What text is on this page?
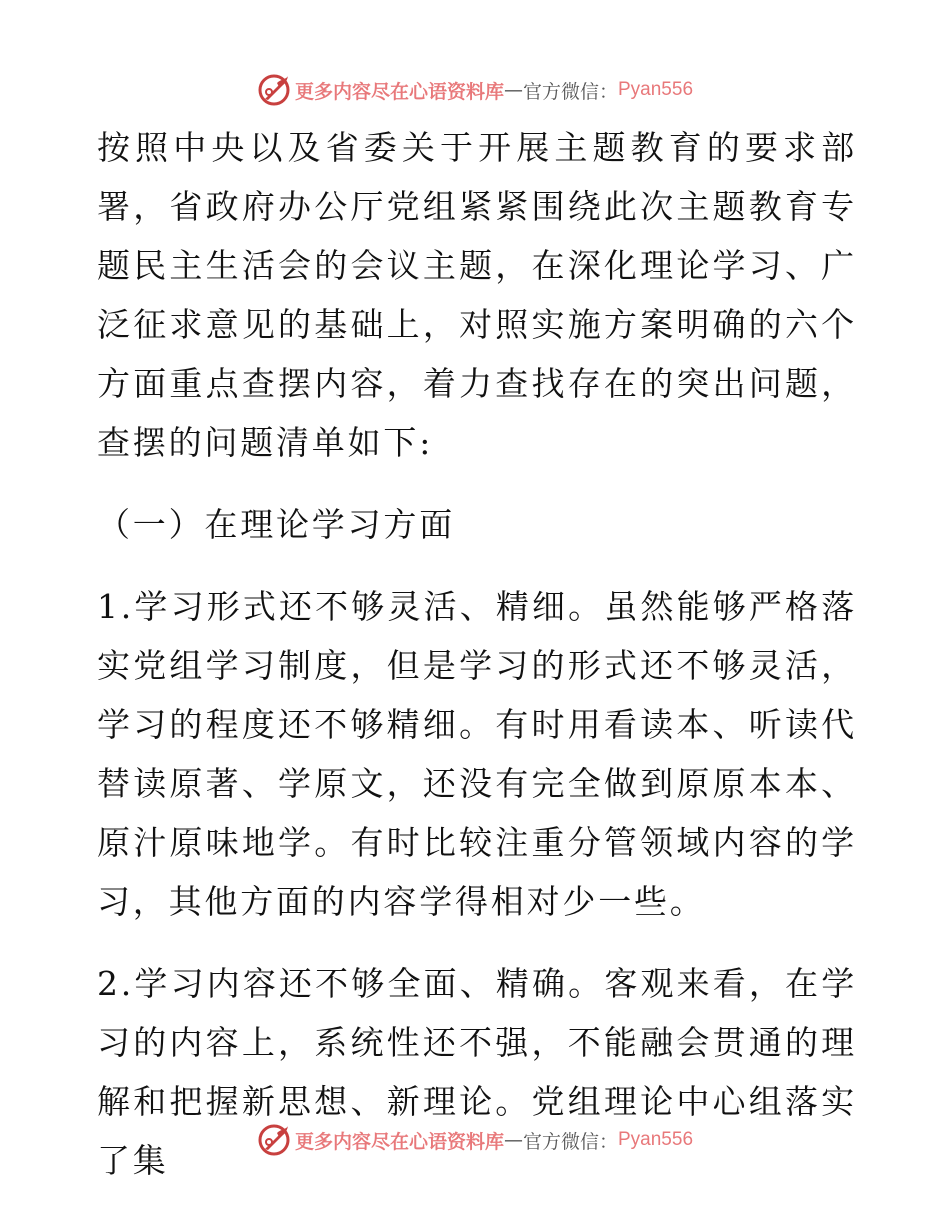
更多内容尽在心语资料库 — 官方微信： Pyan556

按照中央以及省委关于开展主题教育的要求部署，省政府办公厅党组紧紧围绕此次主题教育专题民主生活会的会议主题，在深化理论学习、广泛征求意见的基础上，对照实施方案明确的六个方面重点查摆内容，着力查找存在的突出问题，查摆的问题清单如下:

（一）在理论学习方面

1.学习形式还不够灵活、精细。虽然能够严格落实党组学习制度，但是学习的形式还不够灵活，学习的程度还不够精细。有时用看读本、听读代替读原著、学原文，还没有完全做到原原本本、原汁原味地学。有时比较注重分管领域内容的学习，其他方面的内容学得相对少一些。

2.学习内容还不够全面、精确。客观来看，在学习的内容上，系统性还不强，不能融会贯通的理解和把握新思想、新理论。党组理论中心组落实了集	更多内容尽在心语资料库 — 官方微信： Pyan556
